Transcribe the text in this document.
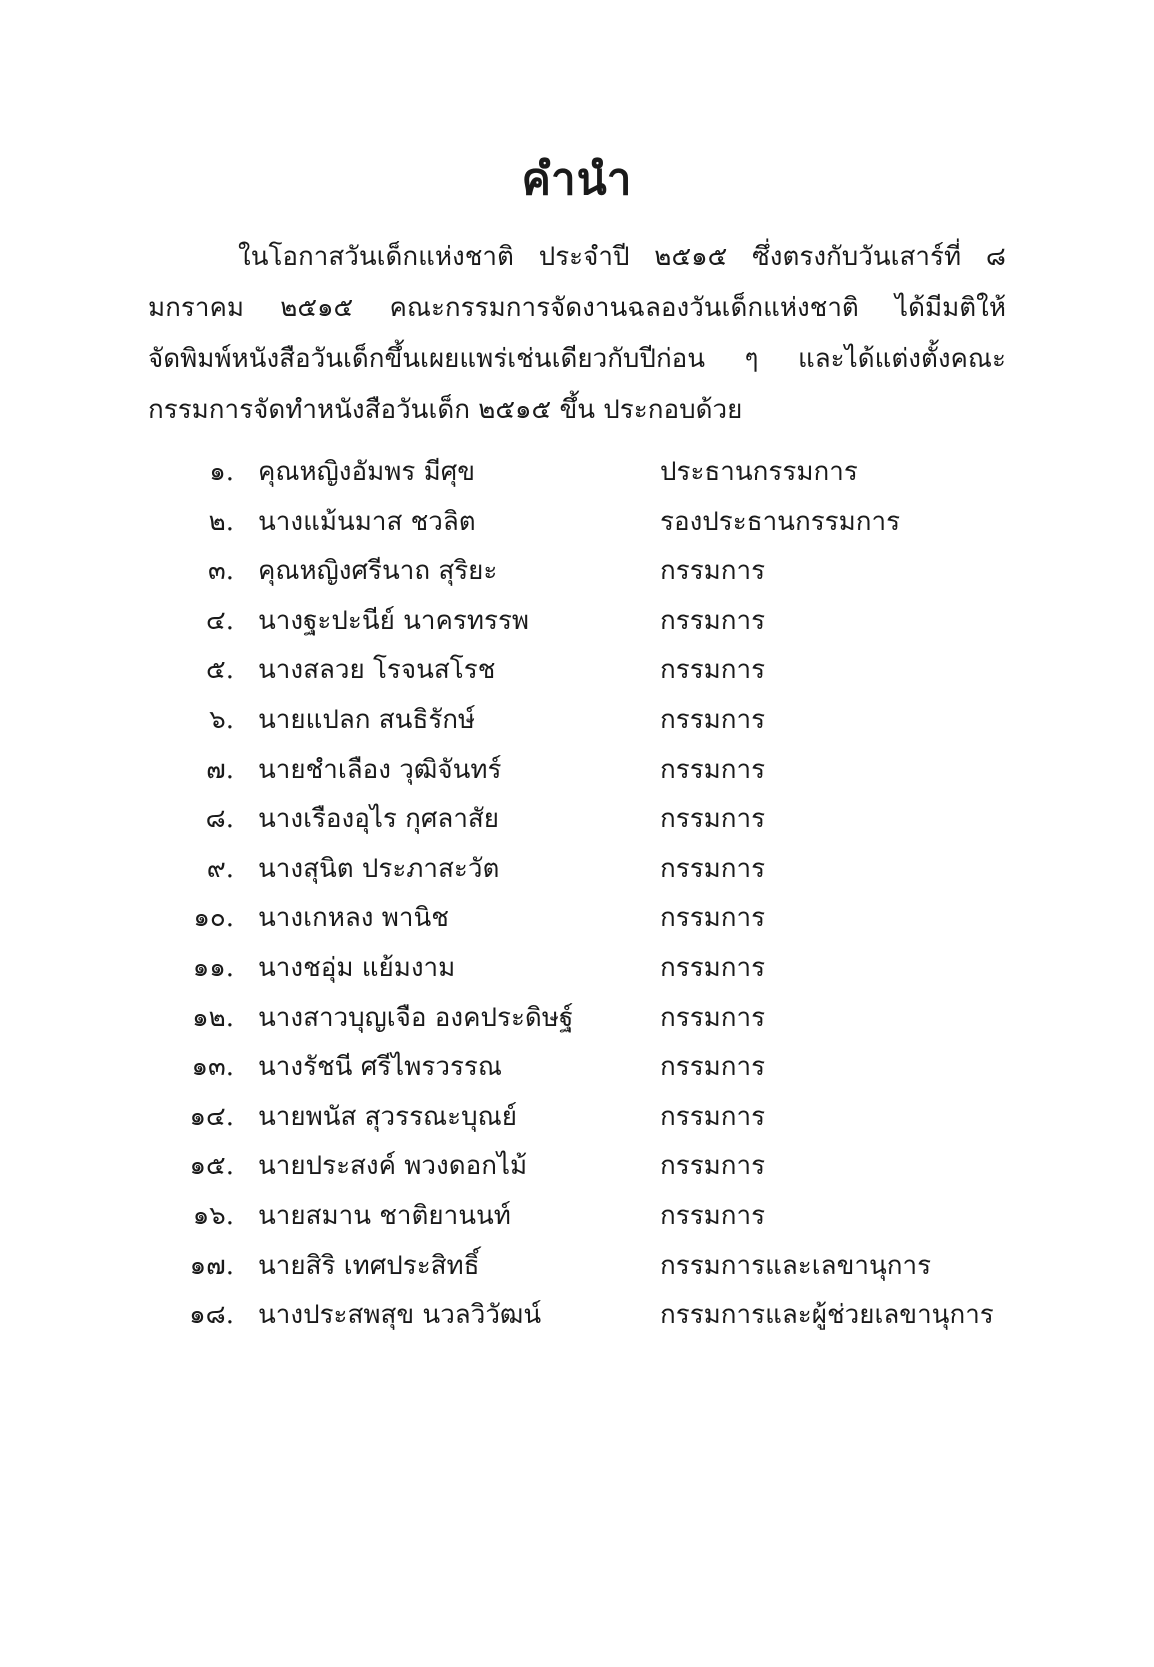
คำนำ
ในโอกาสวันเด็กแห่งชาติ ประจำปี ๒๕๑๕ ซึ่งตรงกับวันเสาร์ที่ ๘
มกราคม ๒๕๑๕ คณะกรรมการจัดงานฉลองวันเด็กแห่งชาติ ได้มีมติให้
จัดพิมพ์หนังสือวันเด็กขึ้นเผยแพร่เช่นเดียวกับปีก่อน ๆ และได้แต่งตั้งคณะ
กรรมการจัดทำหนังสือวันเด็ก ๒๕๑๕ ขึ้น ประกอบด้วย
๑. คุณหญิงอัมพร มีศุข	ประธานกรรมการ
๒. นางแม้นมาส ชวลิต	รองประธานกรรมการ
๓. คุณหญิงศรีนาถ สุริยะ	กรรมการ
๔. นางฐะปะนีย์ นาครทรรพ	กรรมการ
๕. นางสลวย โรจนสโรช	กรรมการ
๖. นายแปลก สนธิรักษ์	กรรมการ
๗. นายชำเลือง วุฒิจันทร์	กรรมการ
๘. นางเรืองอุไร กุศลาสัย	กรรมการ
๙. นางสุนิต ประภาสะวัต	กรรมการ
๑๐. นางเกหลง พานิช	กรรมการ
๑๑. นางชอุ่ม แย้มงาม	กรรมการ
๑๒. นางสาวบุญเจือ องคประดิษฐ์	กรรมการ
๑๓. นางรัชนี ศรีไพรวรรณ	กรรมการ
๑๔. นายพนัส สุวรรณะบุณย์	กรรมการ
๑๕. นายประสงค์ พวงดอกไม้	กรรมการ
๑๖. นายสมาน ชาติยานนท์	กรรมการ
๑๗. นายสิริ เทศประสิทธิ์	กรรมการและเลขานุการ
๑๘. นางประสพสุข นวลวิวัฒน์	กรรมการและผู้ช่วยเลขานุการ
